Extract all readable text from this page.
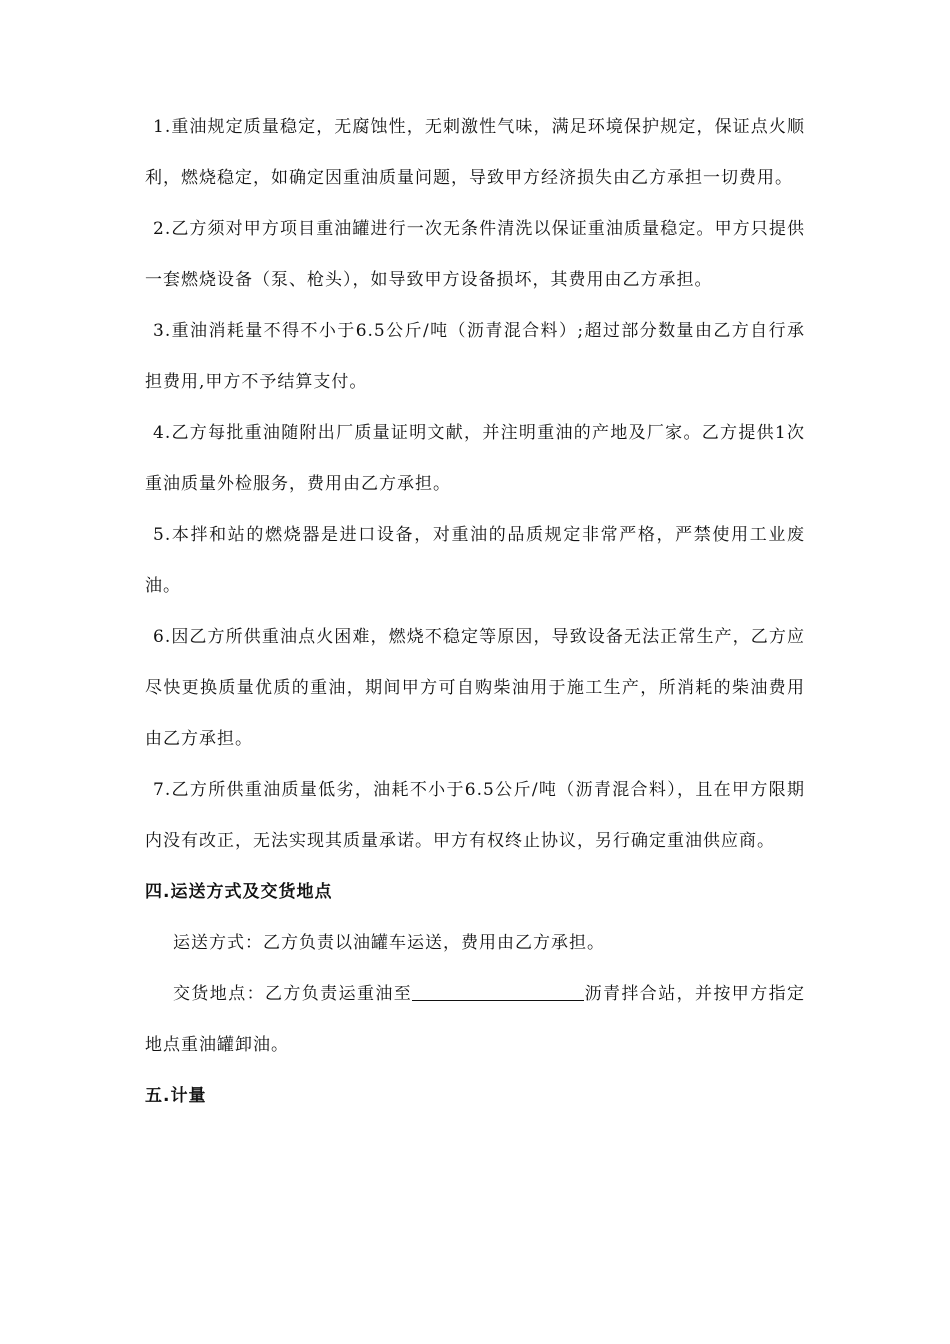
1.重油规定质量稳定，无腐蚀性，无刺激性气味，满足环境保护规定，保证点火顺利，燃烧稳定，如确定因重油质量问题，导致甲方经济损失由乙方承担一切费用。

2.乙方须对甲方项目重油罐进行一次无条件清洗以保证重油质量稳定。甲方只提供一套燃烧设备（泵、枪头），如导致甲方设备损坏，其费用由乙方承担。

3.重油消耗量不得不小于6.5公斤/吨（沥青混合料）;超过部分数量由乙方自行承担费用,甲方不予结算支付。

4.乙方每批重油随附出厂质量证明文献，并注明重油的产地及厂家。乙方提供1次重油质量外检服务，费用由乙方承担。

5.本拌和站的燃烧器是进口设备，对重油的品质规定非常严格，严禁使用工业废油。

6.因乙方所供重油点火困难，燃烧不稳定等原因，导致设备无法正常生产，乙方应尽快更换质量优质的重油，期间甲方可自购柴油用于施工生产，所消耗的柴油费用由乙方承担。

7.乙方所供重油质量低劣，油耗不小于6.5公斤/吨（沥青混合料），且在甲方限期内没有改正，无法实现其质量承诺。甲方有权终止协议，另行确定重油供应商。

四.运送方式及交货地点

运送方式：乙方负责以油罐车运送，费用由乙方承担。

交货地点：乙方负责运重油至	沥青拌合站，并按甲方指定地点重油罐卸油。

五.计量
